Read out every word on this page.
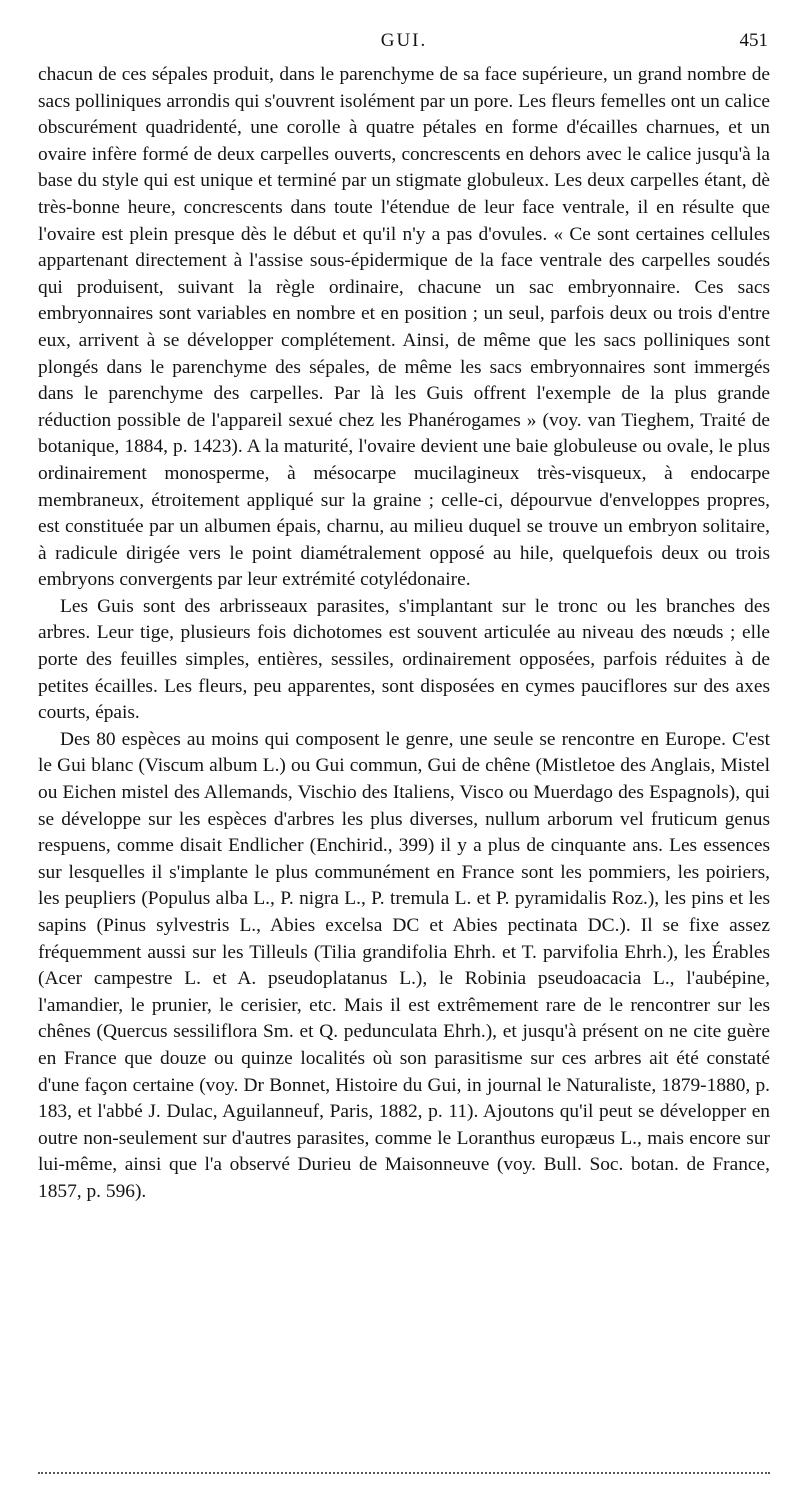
GUI.	451

chacun de ces sépales produit, dans le parenchyme de sa face supérieure, un grand nombre de sacs polliniques arrondis qui s'ouvrent isolément par un pore. Les fleurs femelles ont un calice obscurément quadridenté, une corolle à quatre pétales en forme d'écailles charnues, et un ovaire infère formé de deux carpelles ouverts, concrescents en dehors avec le calice jusqu'à la base du style qui est unique et terminé par un stigmate globuleux. Les deux carpelles étant, dè très-bonne heure, concrescents dans toute l'étendue de leur face ventrale, il en résulte que l'ovaire est plein presque dès le début et qu'il n'y a pas d'ovules. « Ce sont certaines cellules appartenant directement à l'assise sous-épidermique de la face ventrale des carpelles soudés qui produisent, suivant la règle ordinaire, chacune un sac embryonnaire. Ces sacs embryonnaires sont variables en nombre et en position ; un seul, parfois deux ou trois d'entre eux, arrivent à se développer complétement. Ainsi, de même que les sacs polliniques sont plongés dans le parenchyme des sépales, de même les sacs embryonnaires sont immergés dans le parenchyme des carpelles. Par là les Guis offrent l'exemple de la plus grande réduction possible de l'appareil sexué chez les Phanérogames » (voy. van Tieghem, Traité de botanique, 1884, p. 1423). A la maturité, l'ovaire devient une baie globuleuse ou ovale, le plus ordinairement monosperme, à mésocarpe mucilagineux très-visqueux, à endocarpe membraneux, étroitement appliqué sur la graine ; celle-ci, dépourvue d'enveloppes propres, est constituée par un albumen épais, charnu, au milieu duquel se trouve un embryon solitaire, à radicule dirigée vers le point diamétralement opposé au hile, quelquefois deux ou trois embryons convergents par leur extrémité cotylédonaire.

Les Guis sont des arbrisseaux parasites, s'implantant sur le tronc ou les branches des arbres. Leur tige, plusieurs fois dichotomes est souvent articulée au niveau des nœuds ; elle porte des feuilles simples, entières, sessiles, ordinairement opposées, parfois réduites à de petites écailles. Les fleurs, peu apparentes, sont disposées en cymes pauciflores sur des axes courts, épais.

Des 80 espèces au moins qui composent le genre, une seule se rencontre en Europe. C'est le Gui blanc (Viscum album L.) ou Gui commun, Gui de chêne (Mistletoe des Anglais, Mistel ou Eichen mistel des Allemands, Vischio des Italiens, Visco ou Muerdago des Espagnols), qui se développe sur les espèces d'arbres les plus diverses, nullum arborum vel fruticum genus respuens, comme disait Endlicher (Enchirid., 399) il y a plus de cinquante ans. Les essences sur lesquelles il s'implante le plus communément en France sont les pommiers, les poiriers, les peupliers (Populus alba L., P. nigra L., P. tremula L. et P. pyramidalis Roz.), les pins et les sapins (Pinus sylvestris L., Abies excelsa DC et Abies pectinata DC.). Il se fixe assez fréquemment aussi sur les Tilleuls (Tilia grandifolia Ehrh. et T. parvifolia Ehrh.), les Érables (Acer campestre L. et A. pseudoplatanus L.), le Robinia pseudoacacia L., l'aubépine, l'amandier, le prunier, le cerisier, etc. Mais il est extrêmement rare de le rencontrer sur les chênes (Quercus sessiliflora Sm. et Q. pedunculata Ehrh.), et jusqu'à présent on ne cite guère en France que douze ou quinze localités où son parasitisme sur ces arbres ait été constaté d'une façon certaine (voy. Dr Bonnet, Histoire du Gui, in journal le Naturaliste, 1879-1880, p. 183, et l'abbé J. Dulac, Aguilanneuf, Paris, 1882, p. 11). Ajoutons qu'il peut se développer en outre non-seulement sur d'autres parasites, comme le Loranthus europæus L., mais encore sur lui-même, ainsi que l'a observé Durieu de Maisonneuve (voy. Bull. Soc. botan. de France, 1857, p. 596).
